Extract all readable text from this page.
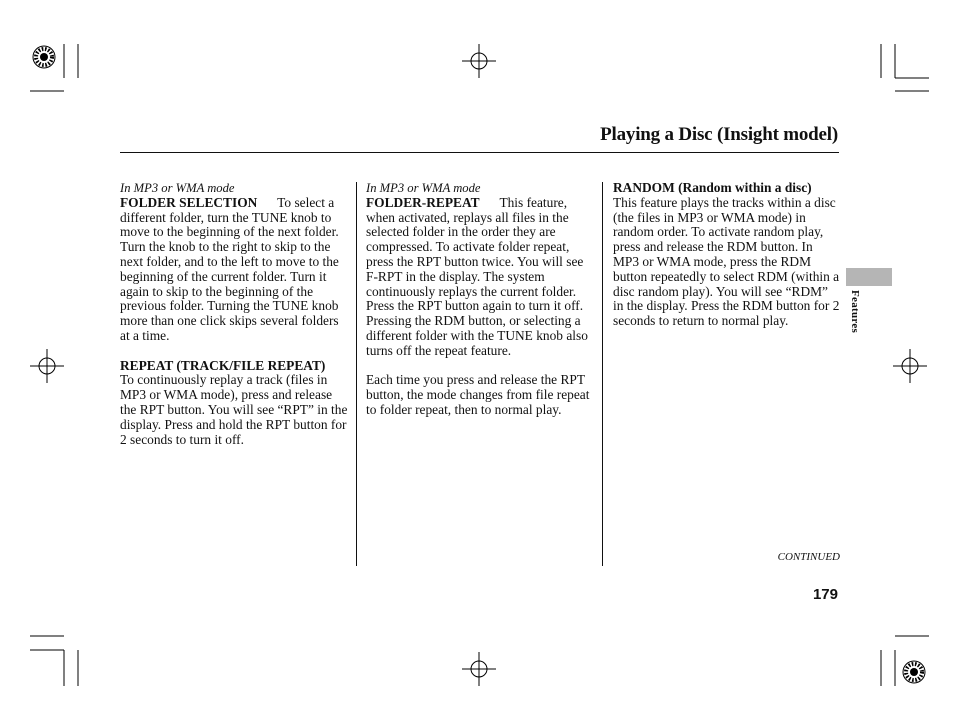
Playing a Disc (Insight model)

In MP3 or WMA mode

FOLDER SELECTION To select a different folder, turn the TUNE knob to move to the beginning of the next folder. Turn the knob to the right to skip to the next folder, and to the left to move to the beginning of the current folder. Turn it again to skip to the beginning of the previous folder. Turning the TUNE knob more than one click skips several folders at a time.

REPEAT (TRACK/FILE REPEAT)      To continuously replay a track (files in MP3 or WMA mode), press and release the RPT button. You will see “RPT” in the display. Press and hold the RPT button for 2 seconds to turn it off.

In MP3 or WMA mode

FOLDER-REPEAT This feature, when activated, replays all files in the selected folder in the order they are compressed. To activate folder repeat, press the RPT button twice. You will see F-RPT in the display. The system continuously replays the current folder. Press the RPT button again to turn it off. Pressing the RDM button, or selecting a different folder with the TUNE knob also turns off the repeat feature.

Each time you press and release the RPT button, the mode changes from file repeat to folder repeat, then to normal play.

RANDOM (Random within a disc)      This feature plays the tracks within a disc (the files in MP3 or WMA mode) in random order. To activate random play, press and release the RDM button. In MP3 or WMA mode, press the RDM button repeatedly to select RDM (within a disc random play). You will see “RDM” in the display. Press the RDM button for 2 seconds to return to normal play.	Features
CONTINUED
179
